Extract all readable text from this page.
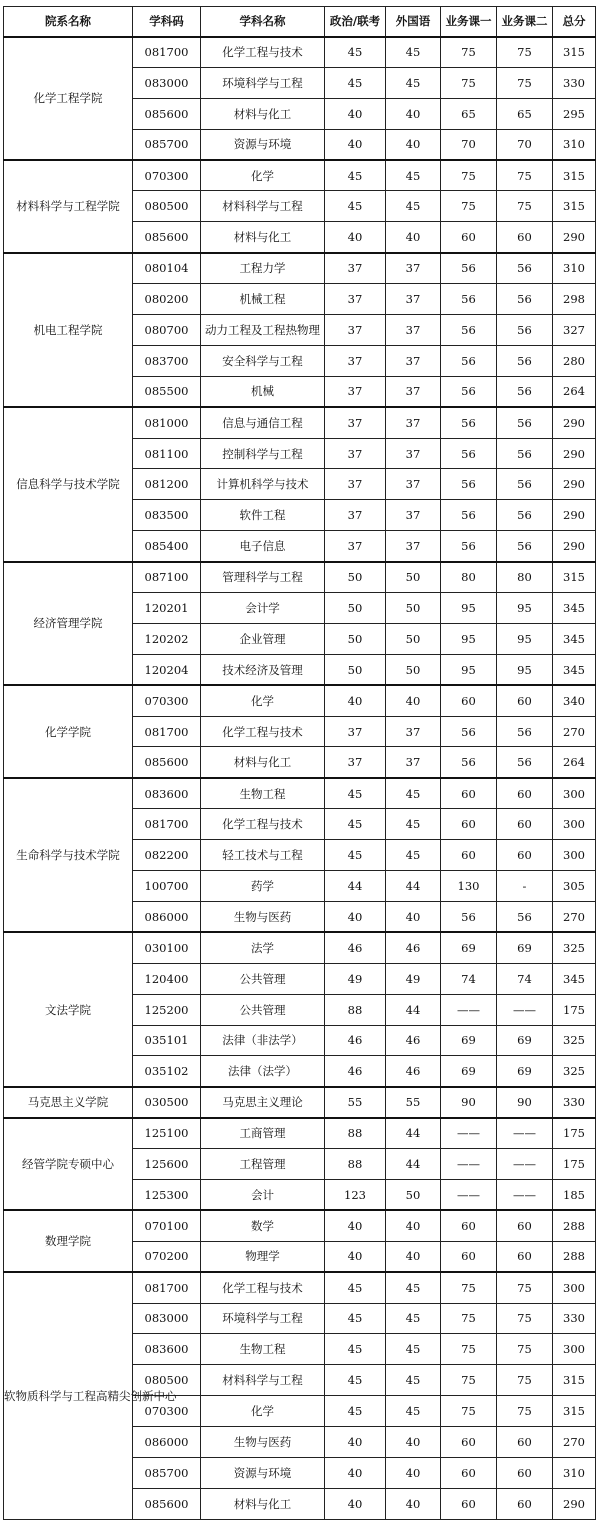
院系名称	学科码	学科名称	政治/联考	外国语	业务课一	业务课二	总分
化学工程学院	081700	化学工程与技术	45	45	75	75	315
	083000	环境科学与工程	45	45	75	75	330
	085600	材料与化工	40	40	65	65	295
	085700	资源与环境	40	40	70	70	310
材料科学与工程学院	070300	化学	45	45	75	75	315
	080500	材料科学与工程	45	45	75	75	315
	085600	材料与化工	40	40	60	60	290
机电工程学院	080104	工程力学	37	37	56	56	310
	080200	机械工程	37	37	56	56	298
	080700	动力工程及工程热物理	37	37	56	56	327
	083700	安全科学与工程	37	37	56	56	280
	085500	机械	37	37	56	56	264
信息科学与技术学院	081000	信息与通信工程	37	37	56	56	290
	081100	控制科学与工程	37	37	56	56	290
	081200	计算机科学与技术	37	37	56	56	290
	083500	软件工程	37	37	56	56	290
	085400	电子信息	37	37	56	56	290
经济管理学院	087100	管理科学与工程	50	50	80	80	315
	120201	会计学	50	50	95	95	345
	120202	企业管理	50	50	95	95	345
	120204	技术经济及管理	50	50	95	95	345
化学学院	070300	化学	40	40	60	60	340
	081700	化学工程与技术	37	37	56	56	270
	085600	材料与化工	37	37	56	56	264
生命科学与技术学院	083600	生物工程	45	45	60	60	300
	081700	化学工程与技术	45	45	60	60	300
	082200	轻工技术与工程	45	45	60	60	300
	100700	药学	44	44	130	-	305
	086000	生物与医药	40	40	56	56	270
文法学院	030100	法学	46	46	69	69	325
	120400	公共管理	49	49	74	74	345
	125200	公共管理	88	44	——	——	175
	035101	法律（非法学）	46	46	69	69	325
	035102	法律（法学）	46	46	69	69	325
马克思主义学院	030500	马克思主义理论	55	55	90	90	330
经管学院专硕中心	125100	工商管理	88	44	——	——	175
	125600	工程管理	88	44	——	——	175
	125300	会计	123	50	——	——	185
数理学院	070100	数学	40	40	60	60	288
	070200	物理学	40	40	60	60	288
软物质科学与工程高精尖创新中心	081700	化学工程与技术	45	45	75	75	300
	083000	环境科学与工程	45	45	75	75	330
	083600	生物工程	45	45	75	75	300
	080500	材料科学与工程	45	45	75	75	315
	070300	化学	45	45	75	75	315
	086000	生物与医药	40	40	60	60	270
	085700	资源与环境	40	40	60	60	310
	085600	材料与化工	40	40	60	60	290
